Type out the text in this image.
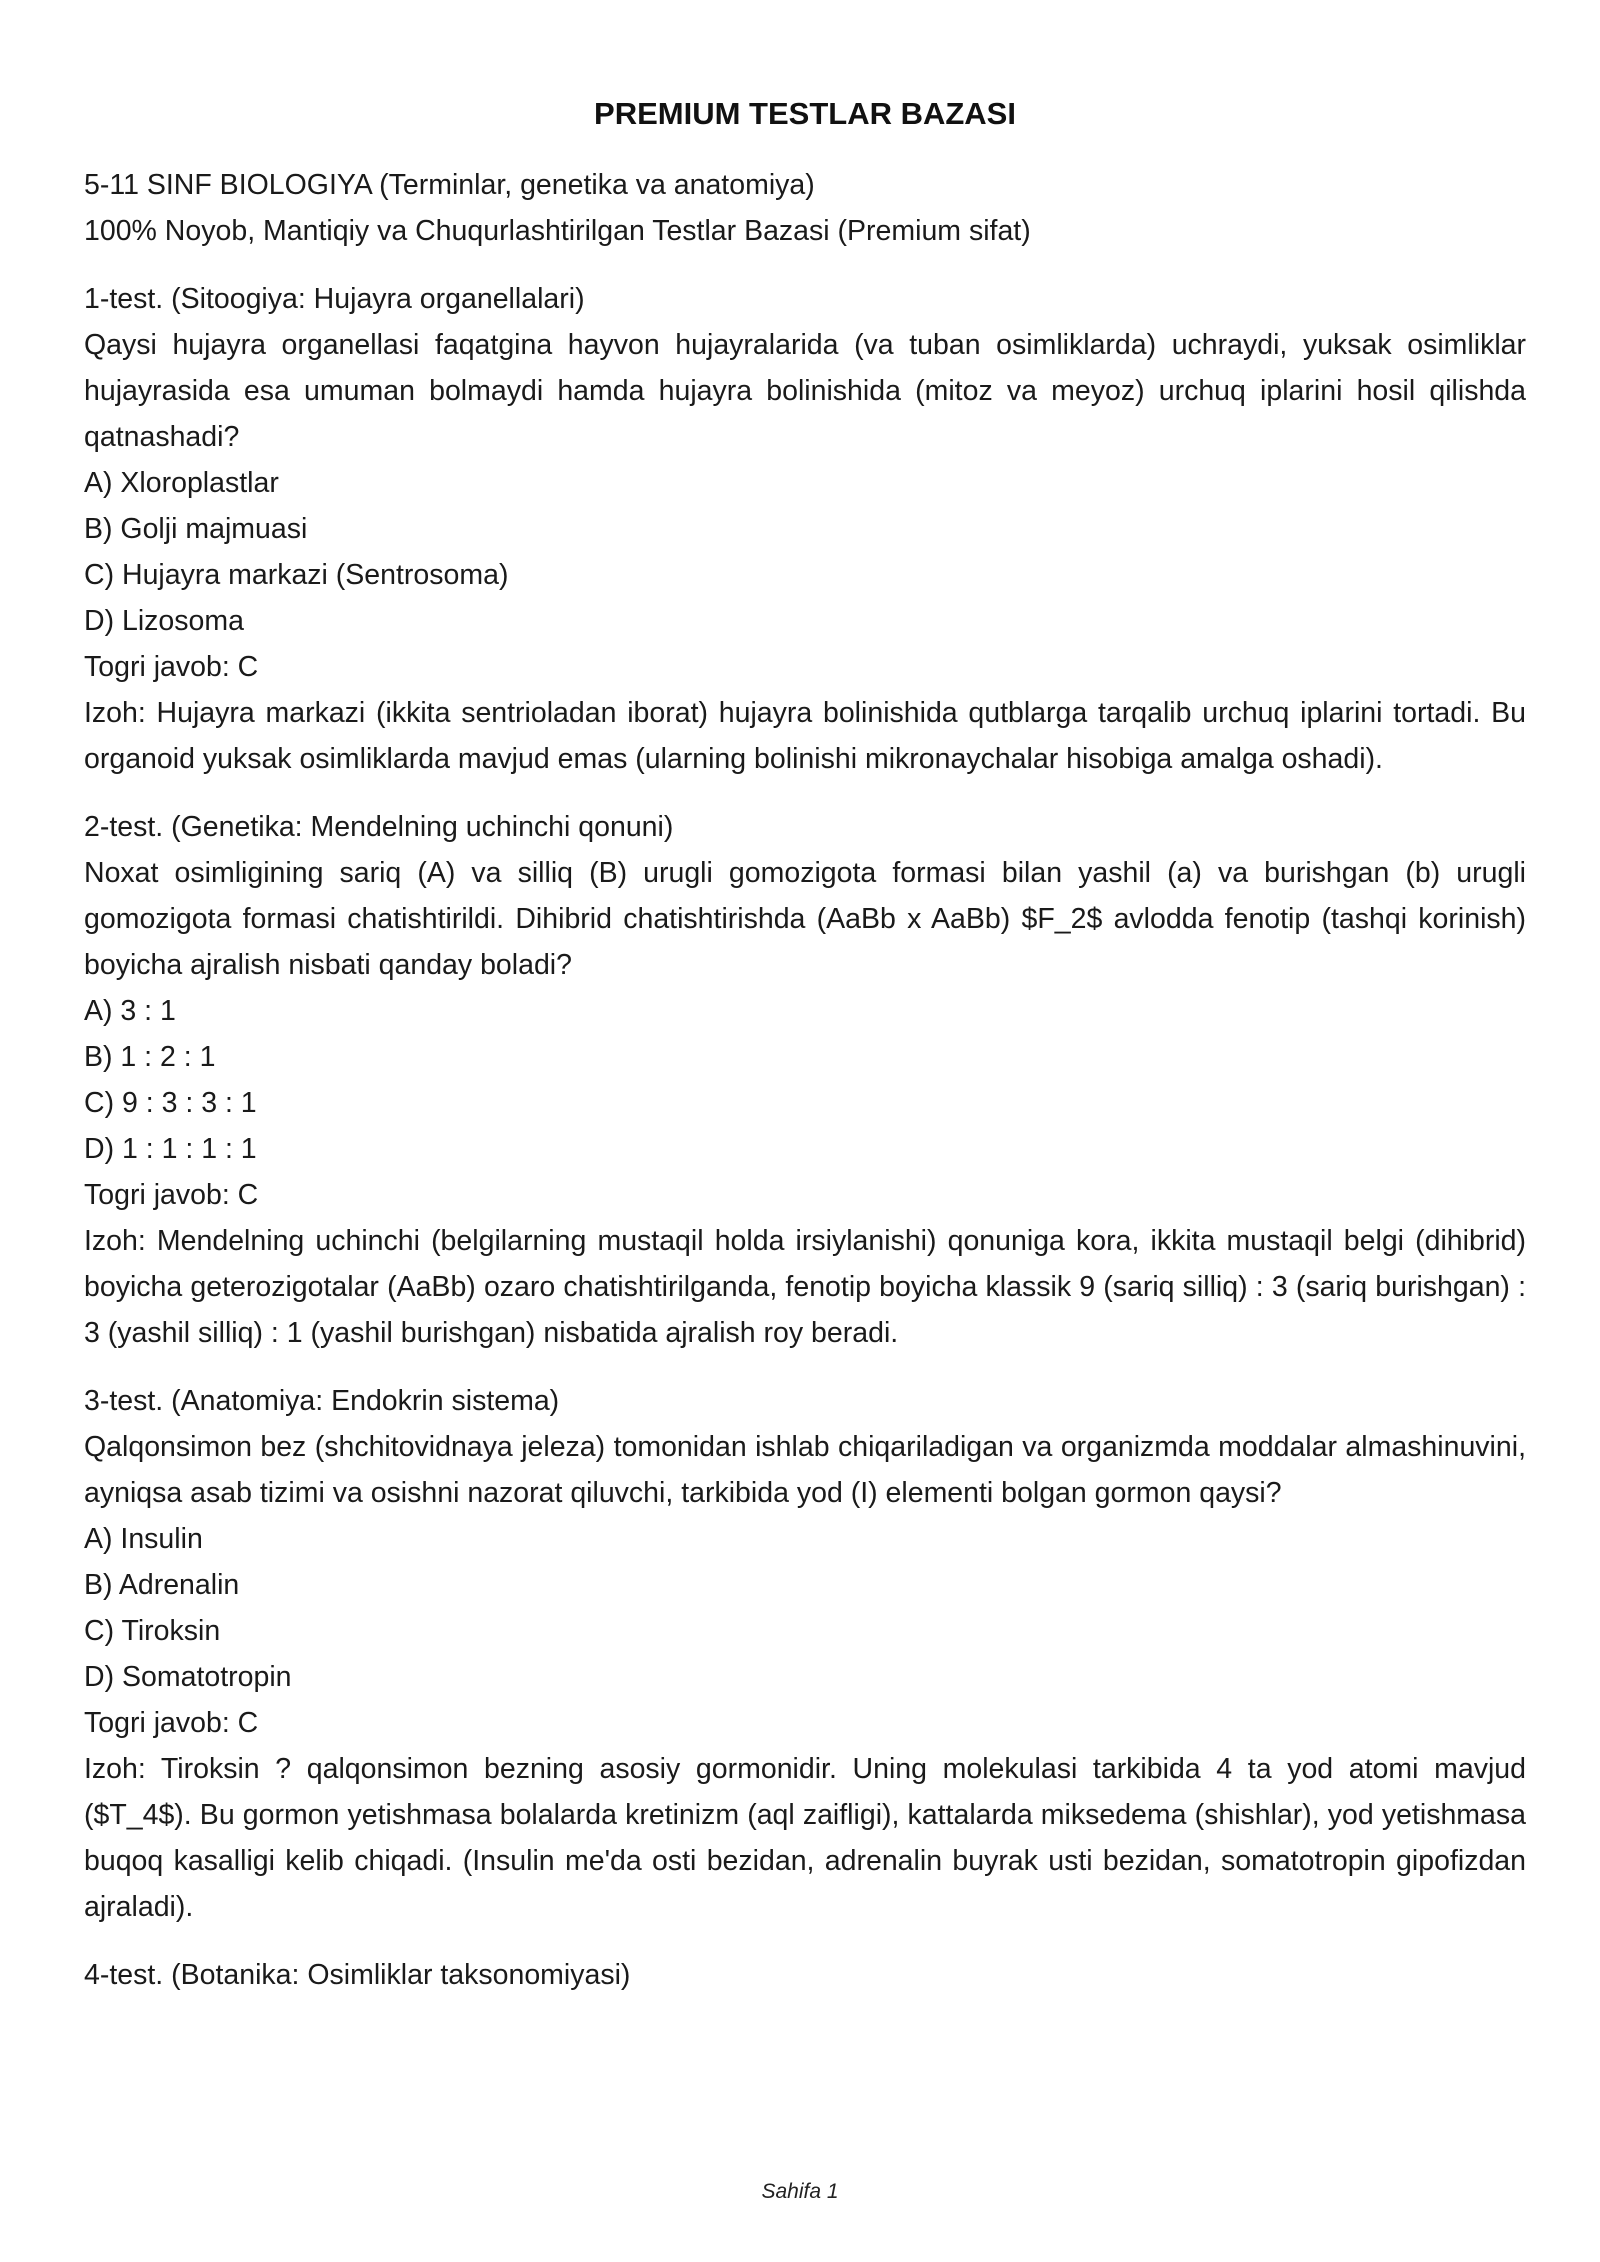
PREMIUM TESTLAR BAZASI

5-11 SINF BIOLOGIYA (Terminlar, genetika va anatomiya)

100% Noyob, Mantiqiy va Chuqurlashtirilgan Testlar Bazasi (Premium sifat)

1-test. (Sitoogiya: Hujayra organellalari)

Qaysi hujayra organellasi faqatgina hayvon hujayralarida (va tuban osimliklarda) uchraydi, yuksak osimliklar hujayrasida esa umuman bolmaydi hamda hujayra bolinishida (mitoz va meyoz) urchuq iplarini hosil qilishda qatnashadi?

A) Xloroplastlar

B) Golji majmuasi

C) Hujayra markazi (Sentrosoma)

D) Lizosoma

Togri javob: C

Izoh: Hujayra markazi (ikkita sentrioladan iborat) hujayra bolinishida qutblarga tarqalib urchuq iplarini tortadi. Bu organoid yuksak osimliklarda mavjud emas (ularning bolinishi mikronaychalar hisobiga amalga oshadi).

2-test. (Genetika: Mendelning uchinchi qonuni)

Noxat osimligining sariq (A) va silliq (B) urugli gomozigota formasi bilan yashil (a) va burishgan (b) urugli gomozigota formasi chatishtirildi. Dihibrid chatishtirishda (AaBb x AaBb) $F_2$ avlodda fenotip (tashqi korinish) boyicha ajralish nisbati qanday boladi?

A) 3 : 1

B) 1 : 2 : 1

C) 9 : 3 : 3 : 1

D) 1 : 1 : 1 : 1

Togri javob: C

Izoh: Mendelning uchinchi (belgilarning mustaqil holda irsiylanishi) qonuniga kora, ikkita mustaqil belgi (dihibrid) boyicha geterozigotalar (AaBb) ozaro chatishtirilganda, fenotip boyicha klassik 9 (sariq silliq) : 3 (sariq burishgan) : 3 (yashil silliq) : 1 (yashil burishgan) nisbatida ajralish roy beradi.

3-test. (Anatomiya: Endokrin sistema)

Qalqonsimon bez (shchitovidnaya jeleza) tomonidan ishlab chiqariladigan va organizmda moddalar almashinuvini, ayniqsa asab tizimi va osishni nazorat qiluvchi, tarkibida yod (I) elementi bolgan gormon qaysi?

A) Insulin

B) Adrenalin

C) Tiroksin

D) Somatotropin

Togri javob: C

Izoh: Tiroksin ? qalqonsimon bezning asosiy gormonidir. Uning molekulasi tarkibida 4 ta yod atomi mavjud ($T_4$). Bu gormon yetishmasa bolalarda kretinizm (aql zaifligi), kattalarda miksedema (shishlar), yod yetishmasa buqoq kasalligi kelib chiqadi. (Insulin me'da osti bezidan, adrenalin buyrak usti bezidan, somatotropin gipofizdan ajraladi).

4-test. (Botanika: Osimliklar taksonomiyasi)

Sahifa 1
